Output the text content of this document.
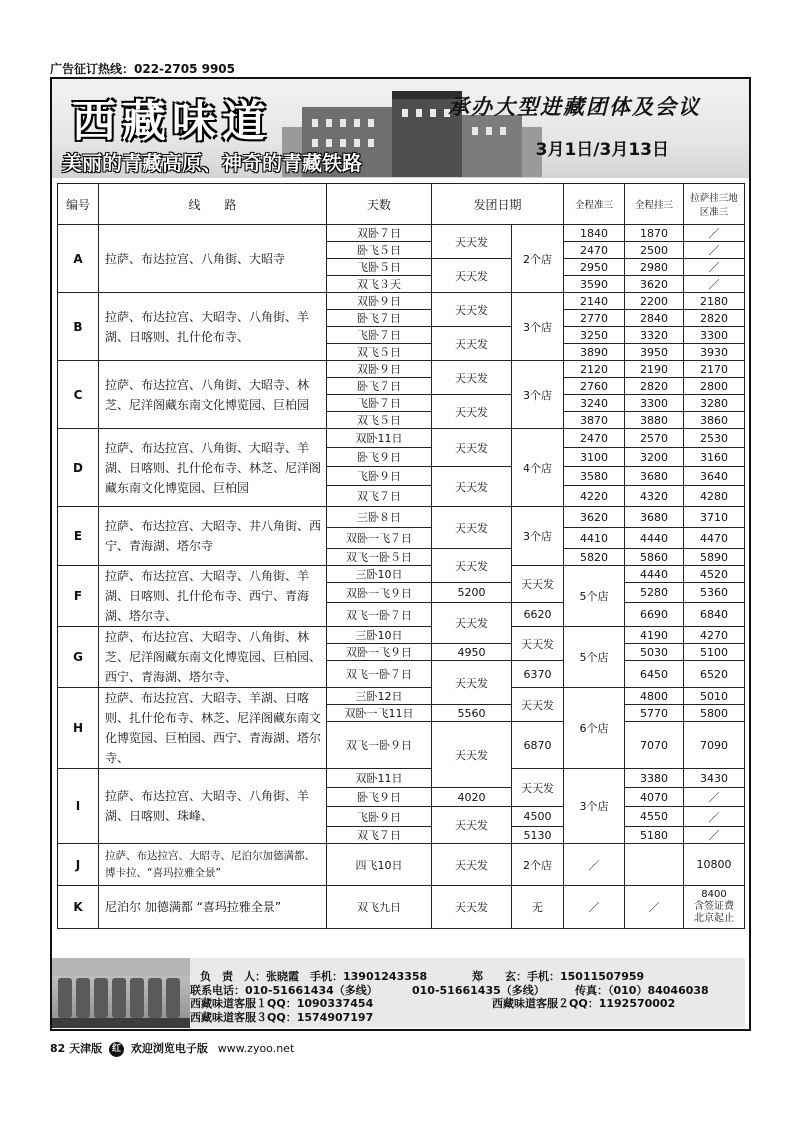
广告征订热线：022-2705 9905
西藏味道
美丽的青藏高原、神奇的青藏铁路
承办大型进藏团体及会议
3月1日/3月13日
编号	线　　路	天数	发团日期		全程准三	全程挂三	拉萨挂三地区准三	
A	拉萨、布达拉宫、八角街、大昭寺	双卧７日	天天发	2个店	1840	1870	／	
		卧飞５日			2470	2500	／	
		飞卧５日	天天发		2950	2980	／	
		双飞３天			3590	3620	／	
B	拉萨、布达拉宫、大昭寺、八角街、羊湖、日喀则、扎什伦布寺、	双卧９日	天天发	3个店	2140	2200	2180	
		卧飞７日			2770	2840	2820	
		飞卧７日	天天发		3250	3320	3300	
		双飞５日			3890	3950	3930	
C	拉萨、布达拉宫、八角街、大昭寺、林芝、尼洋阁藏东南文化博览园、巨柏园	双卧９日	天天发	3个店	2120	2190	2170	
		卧飞７日			2760	2820	2800	
		飞卧７日	天天发		3240	3300	3280	
		双飞５日			3870	3880	3860	
D	拉萨、布达拉宫、八角街、大昭寺、羊湖、日喀则、扎什伦布寺、林芝、尼洋阁藏东南文化博览园、巨柏园	双卧11日	天天发	4个店	2470	2570	2530	
		卧飞９日			3100	3200	3160	
		飞卧９日	天天发		3580	3680	3640	
		双飞７日			4220	4320	4280	
E	拉萨、布达拉宫、大昭寺、井八角街、西宁、青海湖、塔尔寺	三卧８日	天天发	3个店	3620	3680	3710	
		双卧一飞７日			4410	4440	4470	
		双飞一卧５日	天天发		5820	5860	5890	
F	拉萨、布达拉宫、大昭寺、八角街、羊湖、日喀则、扎什伦布寺、西宁、青海湖、塔尔寺、	三卧10日		天天发	5个店	4440	4520	
		双卧一飞９日	5200			5280	5360	
		双飞一卧７日	天天发	6620		6690	6840	
G	拉萨、布达拉宫、大昭寺、八角街、林芝、尼洋阁藏东南文化博览园、巨柏园、西宁、青海湖、塔尔寺、	三卧10日		天天发	5个店	4190	4270	
		双卧一飞９日	4950			5030	5100	
		双飞一卧７日	天天发	6370		6450	6520	
H	拉萨、布达拉宫、大昭寺、羊湖、日喀则、扎什伦布寺、林芝、尼洋阁藏东南文化博览园、巨柏园、西宁、青海湖、塔尔寺、	三卧12日		天天发	6个店	4800	5010	
		双卧一飞11日	5560			5770	5800	
		双飞一卧９日	天天发	6870		7070	7090	
I	拉萨、布达拉宫、大昭寺、八角街、羊湖、日喀则、珠峰、	双卧11日		天天发	3个店	3380	3430	
		卧飞９日	4020			4070	／	
		飞卧９日	天天发	4500		4550	／	
		双飞７日		5130		5180	／	
J	拉萨、布达拉宫、大昭寺、尼泊尔加德满都、博卡拉、“喜玛拉雅全景”	四飞10日	天天发	2个店	／		10800	
K	尼泊尔 加德满都 “喜玛拉雅全景”	双飞九日	天天发	无	／	／	8400
含签证费
北京起止	
负　责　人：张晓霞　手机：13901243358	郑　　玄：手机：15011507959
联系电话：010-51661434（多线）	010-51661435（多线）	传真：（010）84046038
西藏味道客服１QQ：1090337454	西藏味道客服２QQ：1192570002
西藏味道客服３QQ：1574907197
82 天津版 红 欢迎浏览电子版 www.zyoo.net
